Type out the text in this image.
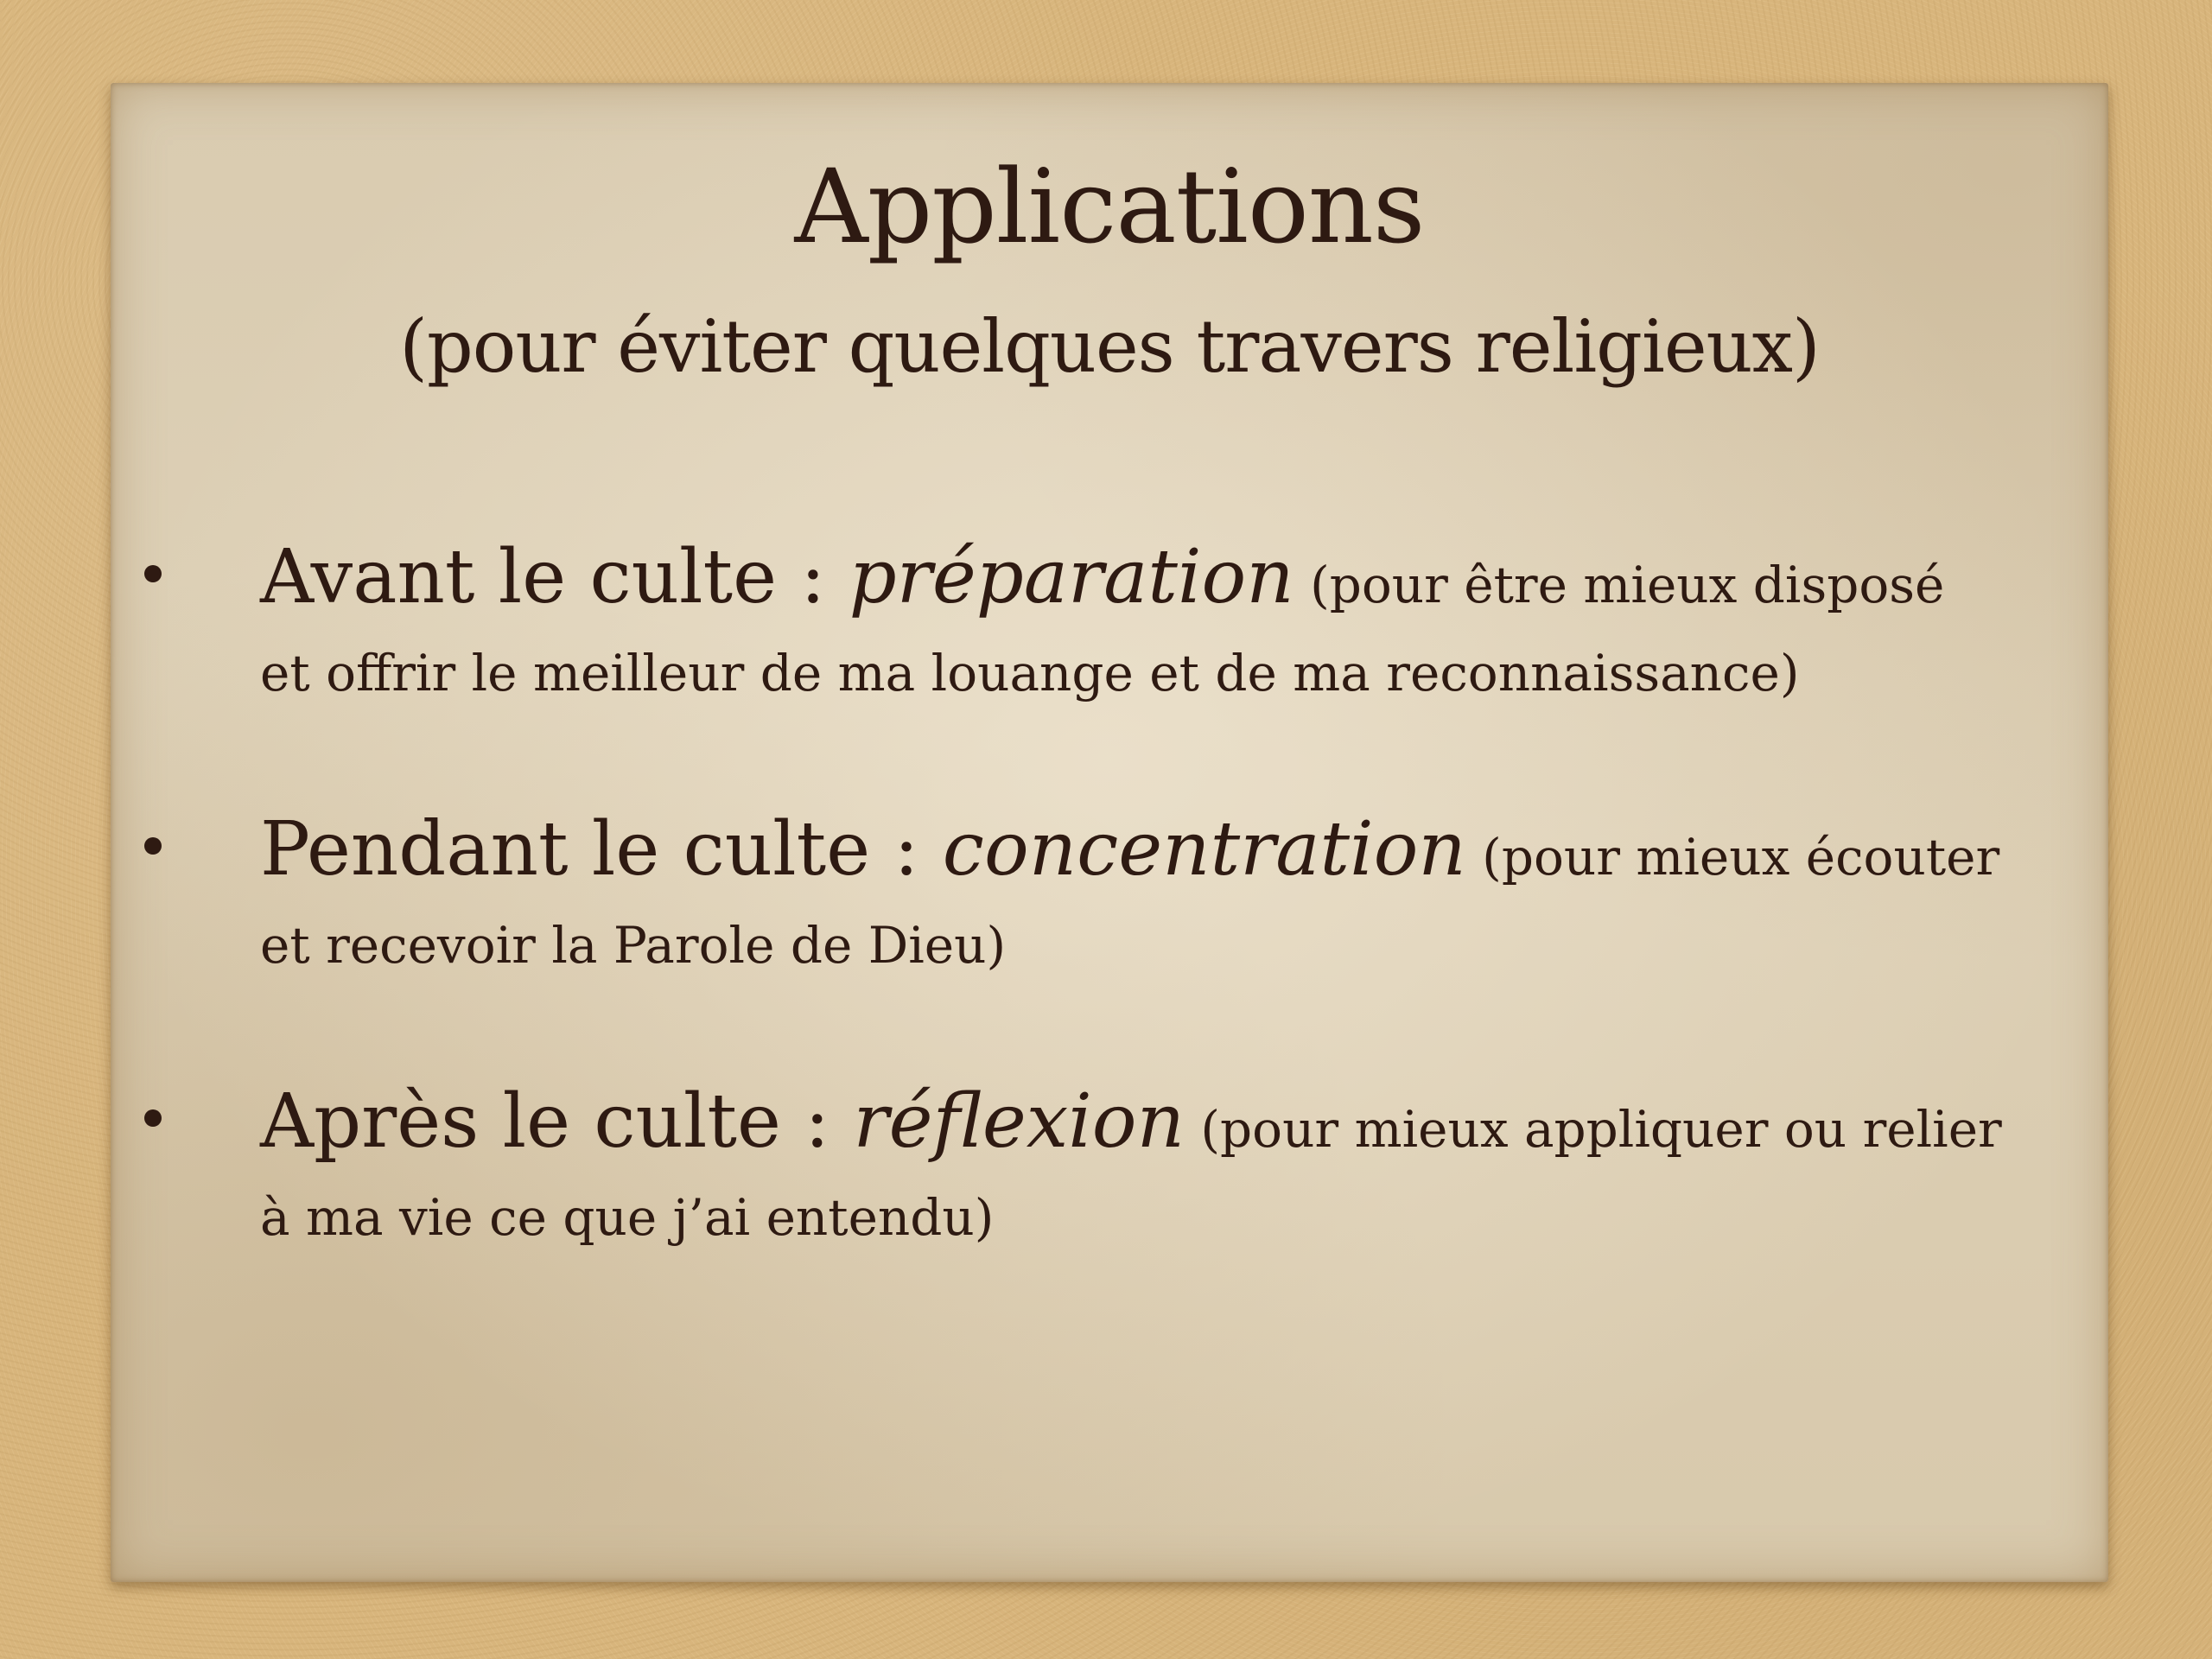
Applications
(pour éviter quelques travers religieux)
Avant le culte : préparation (pour être mieux disposé
et offrir le meilleur de ma louange et de ma reconnaissance)
Pendant le culte : concentration (pour mieux écouter
et recevoir la Parole de Dieu)
Après le culte : réflexion (pour mieux appliquer ou relier
à ma vie ce que j’ai entendu)
